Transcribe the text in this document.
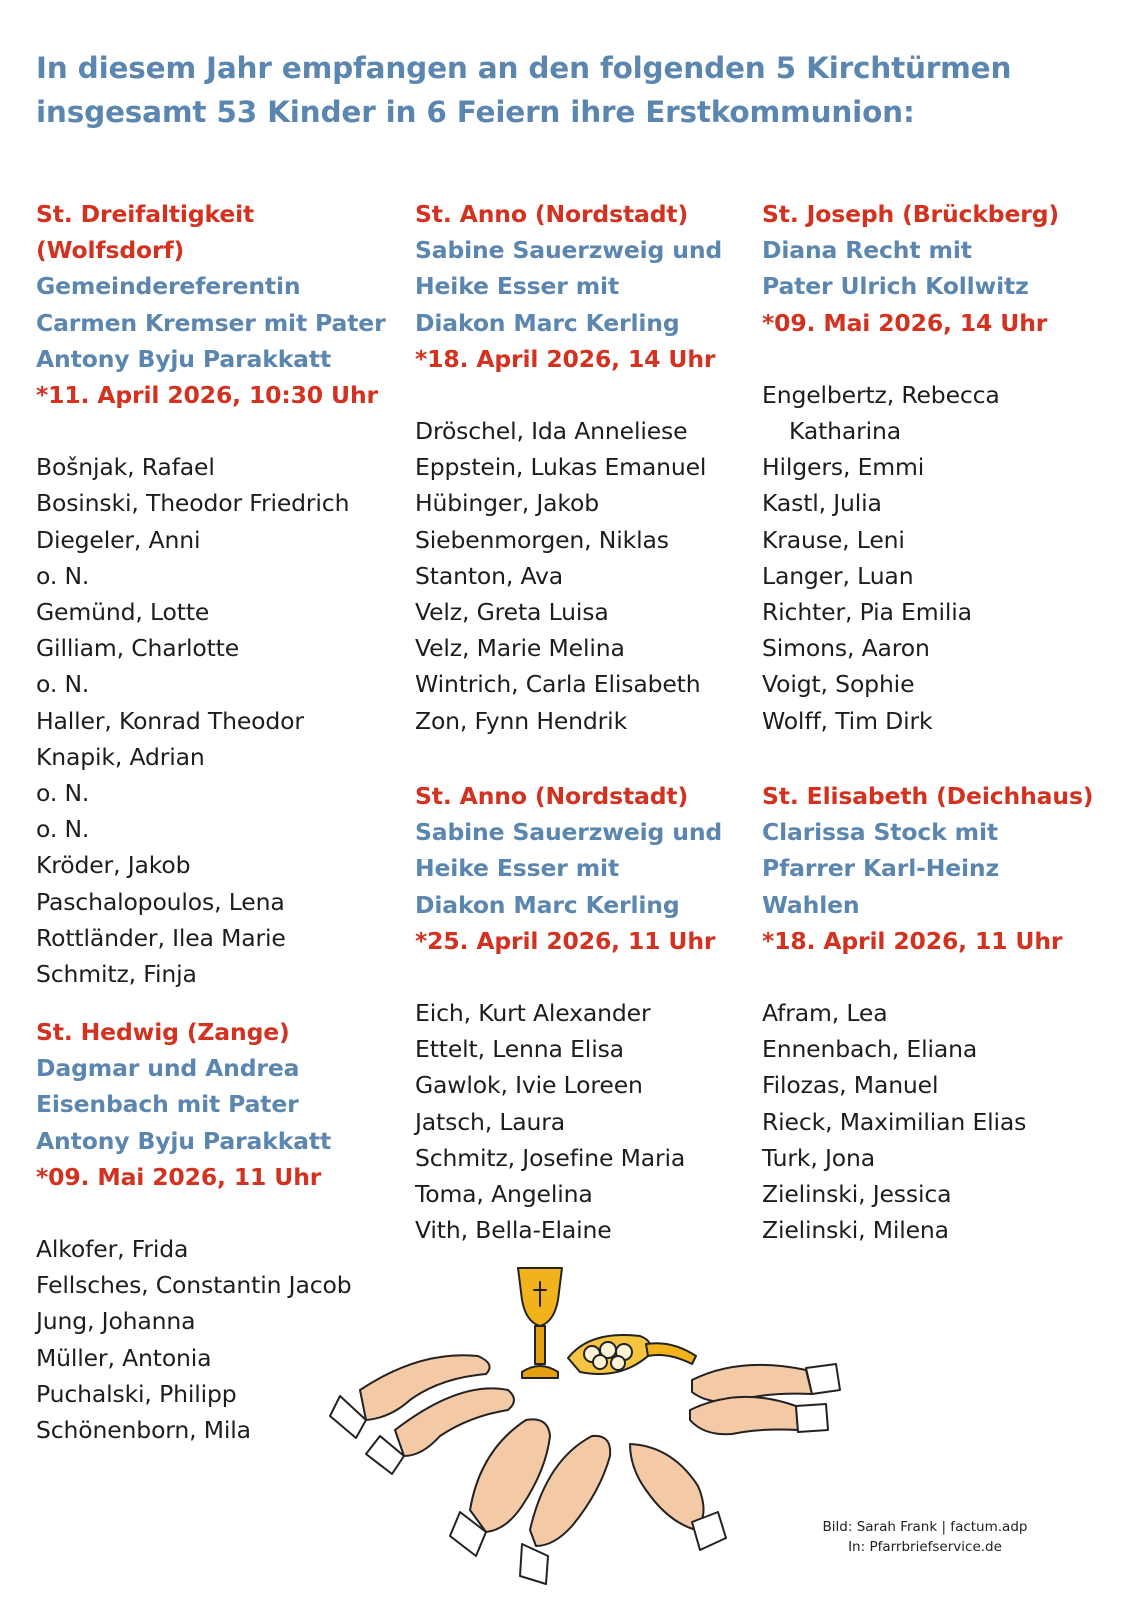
In diesem Jahr empfangen an den folgenden 5 Kirchtürmen
insgesamt 53 Kinder in 6 Feiern ihre Erstkommunion:
St. Dreifaltigkeit
(Wolfsdorf)
Gemeindereferentin
Carmen Kremser mit Pater
Antony Byju Parakkatt
*11. April 2026, 10:30 Uhr
Bošnjak, Rafael
Bosinski, Theodor Friedrich
Diegeler, Anni
o. N.
Gemünd, Lotte
Gilliam, Charlotte
o. N.
Haller, Konrad Theodor
Knapik, Adrian
o. N.
o. N.
Kröder, Jakob
Paschalopoulos, Lena
Rottländer, Ilea Marie
Schmitz, Finja
St. Hedwig (Zange)
Dagmar und Andrea
Eisenbach mit Pater
Antony Byju Parakkatt
*09. Mai 2026, 11 Uhr
Alkofer, Frida
Fellsches, Constantin Jacob
Jung, Johanna
Müller, Antonia
Puchalski, Philipp
Schönenborn, Mila
St. Anno (Nordstadt)
Sabine Sauerzweig und
Heike Esser mit
Diakon Marc Kerling
*18. April 2026, 14 Uhr
Dröschel, Ida Anneliese
Eppstein, Lukas Emanuel
Hübinger, Jakob
Siebenmorgen, Niklas
Stanton, Ava
Velz, Greta Luisa
Velz, Marie Melina
Wintrich, Carla Elisabeth
Zon, Fynn Hendrik
St. Anno (Nordstadt)
Sabine Sauerzweig und
Heike Esser mit
Diakon Marc Kerling
*25. April 2026, 11 Uhr
Eich, Kurt Alexander
Ettelt, Lenna Elisa
Gawlok, Ivie Loreen
Jatsch, Laura
Schmitz, Josefine Maria
Toma, Angelina
Vith, Bella-Elaine
St. Joseph (Brückberg)
Diana Recht mit
Pater Ulrich Kollwitz
*09. Mai 2026, 14 Uhr
Engelbertz, Rebecca
Katharina
Hilgers, Emmi
Kastl, Julia
Krause, Leni
Langer, Luan
Richter, Pia Emilia
Simons, Aaron
Voigt, Sophie
Wolff, Tim Dirk
St. Elisabeth (Deichhaus)
Clarissa Stock mit
Pfarrer Karl-Heinz
Wahlen
*18. April 2026, 11 Uhr
Afram, Lea
Ennenbach, Eliana
Filozas, Manuel
Rieck, Maximilian Elias
Turk, Jona
Zielinski, Jessica
Zielinski, Milena
Bild: Sarah Frank | factum.adp
In: Pfarrbriefservice.de
